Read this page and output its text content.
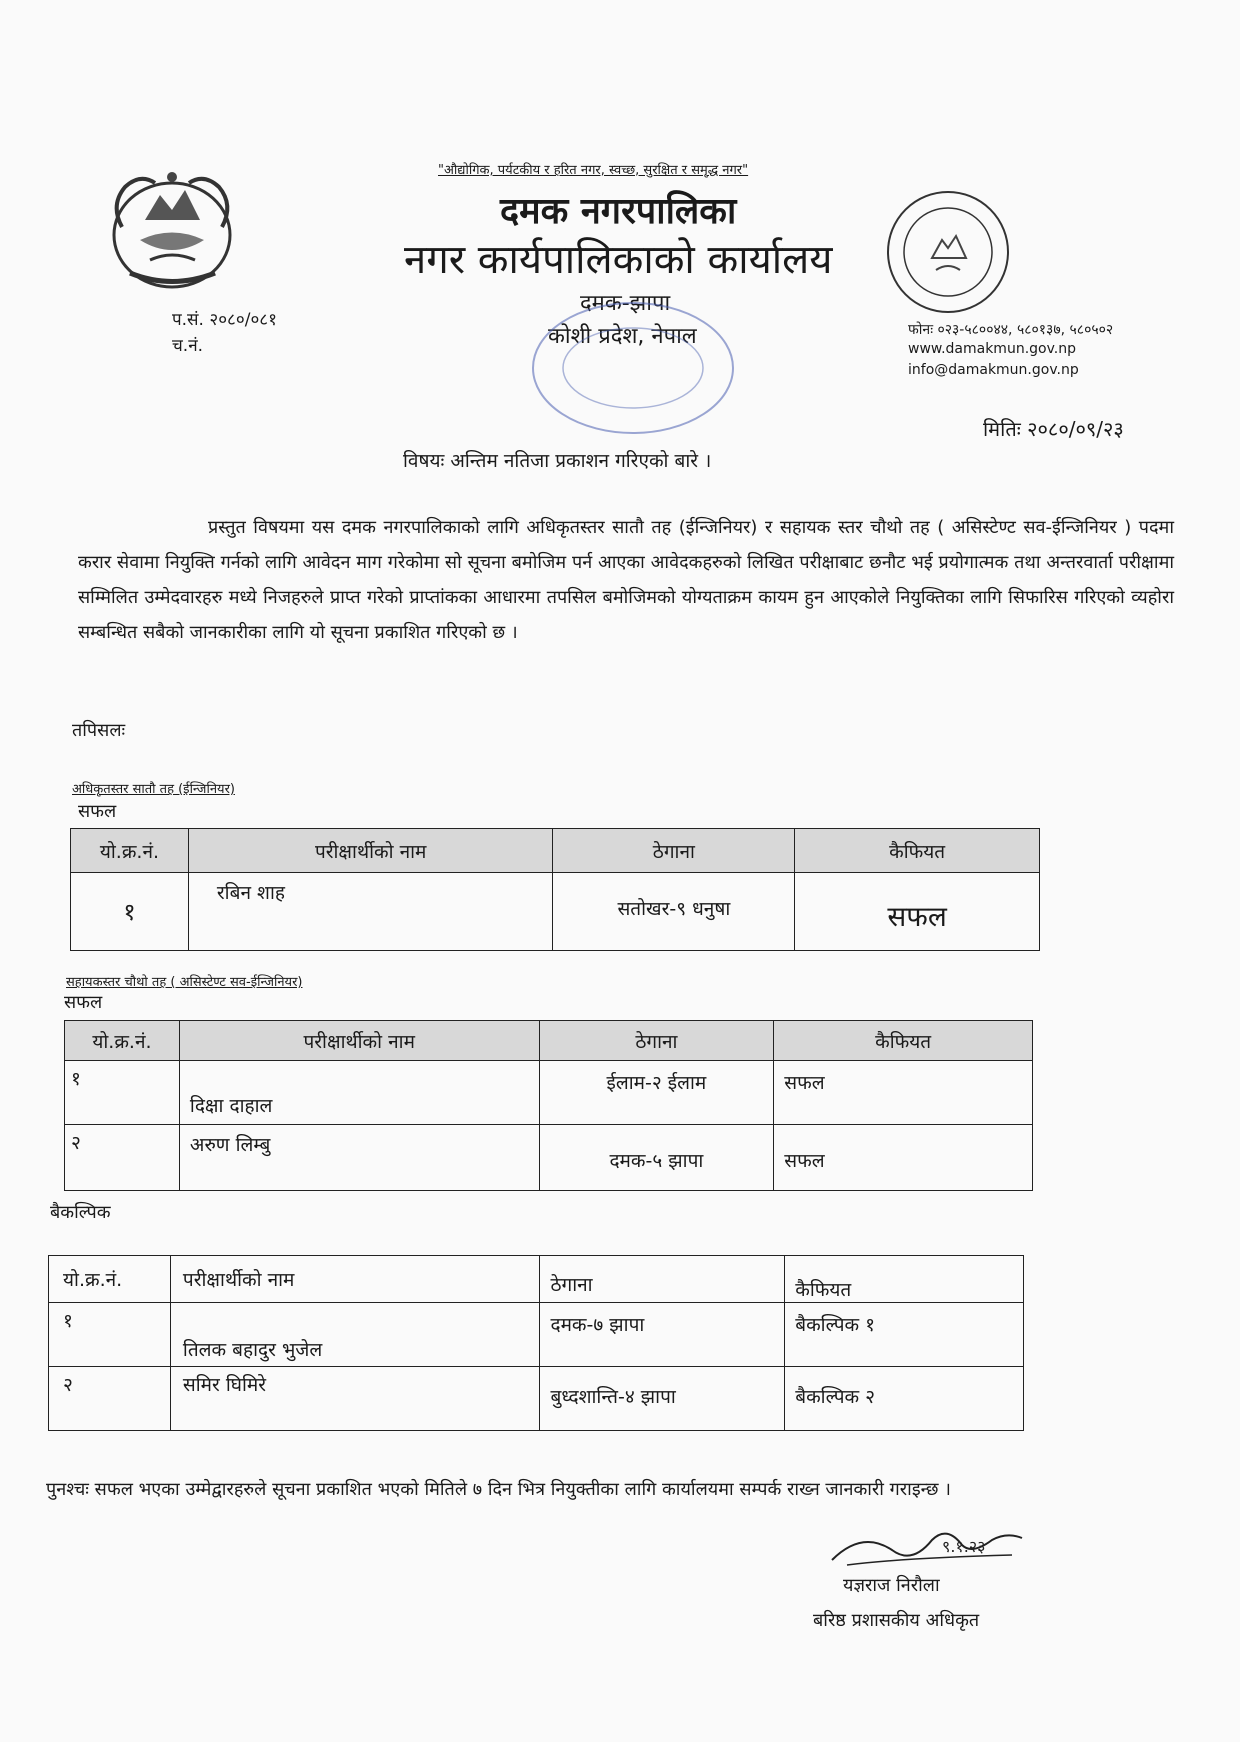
"औद्योगिक, पर्यटकीय र हरित नगर, स्वच्छ, सुरक्षित र समृद्ध नगर"
दमक नगरपालिका
नगर कार्यपालिकाको कार्यालय
दमक-झापा
कोशी प्रदेश, नेपाल
प.सं. २०८०/०८१
च.नं.
फोनः ०२३-५८००४४, ५८०१३७, ५८०५०२
www.damakmun.gov.np
info@damakmun.gov.np
मितिः २०८०/०९/२३
विषयः अन्तिम नतिजा प्रकाशन गरिएको बारे ।
प्रस्तुत विषयमा यस दमक नगरपालिकाको लागि अधिकृतस्तर सातौ तह (ईन्जिनियर) र सहायक स्तर चौथो तह ( असिस्टेण्ट सव-ईन्जिनियर ) पदमा करार सेवामा नियुक्ति गर्नको लागि आवेदन माग गरेकोमा सो सूचना बमोजिम पर्न आएका आवेदकहरुको लिखित परीक्षाबाट छनौट भई प्रयोगात्मक तथा अन्तरवार्ता परीक्षामा सम्मिलित उम्मेदवारहरु मध्ये निजहरुले प्राप्त गरेको प्राप्तांकका आधारमा तपसिल बमोजिमको योग्यताक्रम कायम हुन आएकोले नियुक्तिका लागि सिफारिस गरिएको व्यहोरा सम्बन्धित सबैको जानकारीका लागि यो सूचना प्रकाशित गरिएको छ ।
तपिसलः
अधिकृतस्तर सातौ तह (ईन्जिनियर)
सफल
यो.क्र.नं.	परीक्षार्थीको नाम	ठेगाना	कैफियत
१	रबिन शाह	सतोखर-९ धनुषा	सफल
सहायकस्तर चौथो तह ( असिस्टेण्ट सव-ईन्जिनियर)
सफल
यो.क्र.नं.	परीक्षार्थीको नाम	ठेगाना	कैफियत
१	दिक्षा दाहाल	ईलाम-२ ईलाम	सफल
२	अरुण लिम्बु	दमक-५ झापा	सफल
बैकल्पिक
यो.क्र.नं.	परीक्षार्थीको नाम	ठेगाना	कैफियत
१	तिलक बहादुर भुजेल	दमक-७ झापा	बैकल्पिक १
२	समिर घिमिरे	बुध्दशान्ति-४ झापा	बैकल्पिक २
पुनश्चः सफल भएका उम्मेद्वारहरुले सूचना प्रकाशित भएको मितिले ७ दिन भित्र नियुक्तीका लागि कार्यालयमा सम्पर्क राख्न जानकारी गराइन्छ ।
९.१.२३
यज्ञराज निरौला
बरिष्ठ प्रशासकीय अधिकृत
